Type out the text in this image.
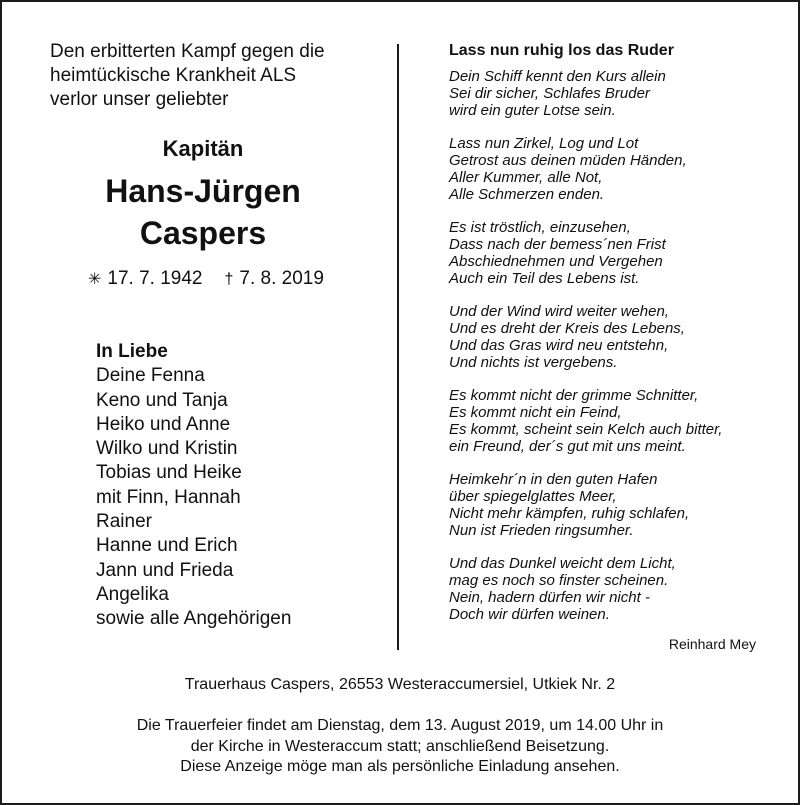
Den erbitterten Kampf gegen die
heimtückische Krankheit ALS
verlor unser geliebter
Kapitän
Hans-Jürgen
Caspers
✳ 17. 7. 1942 † 7. 8. 2019
In Liebe
Deine Fenna
Keno und Tanja
Heiko und Anne
Wilko und Kristin
Tobias und Heike
mit Finn, Hannah
Rainer
Hanne und Erich
Jann und Frieda
Angelika
sowie alle Angehörigen
Lass nun ruhig los das Ruder
Dein Schiff kennt den Kurs allein
Sei dir sicher, Schlafes Bruder
wird ein guter Lotse sein.
Lass nun Zirkel, Log und Lot
Getrost aus deinen müden Händen,
Aller Kummer, alle Not,
Alle Schmerzen enden.
Es ist tröstlich, einzusehen,
Dass nach der bemess´nen Frist
Abschiednehmen und Vergehen
Auch ein Teil des Lebens ist.
Und der Wind wird weiter wehen,
Und es dreht der Kreis des Lebens,
Und das Gras wird neu entstehn,
Und nichts ist vergebens.
Es kommt nicht der grimme Schnitter,
Es kommt nicht ein Feind,
Es kommt, scheint sein Kelch auch bitter,
ein Freund, der´s gut mit uns meint.
Heimkehr´n in den guten Hafen
über spiegelglattes Meer,
Nicht mehr kämpfen, ruhig schlafen,
Nun ist Frieden ringsumher.
Und das Dunkel weicht dem Licht,
mag es noch so finster scheinen.
Nein, hadern dürfen wir nicht -
Doch wir dürfen weinen.
Reinhard Mey
Trauerhaus Caspers, 26553 Westeraccumersiel, Utkiek Nr. 2
Die Trauerfeier findet am Dienstag, dem 13. August 2019, um 14.00 Uhr in
der Kirche in Westeraccum statt; anschließend Beisetzung.
Diese Anzeige möge man als persönliche Einladung ansehen.
